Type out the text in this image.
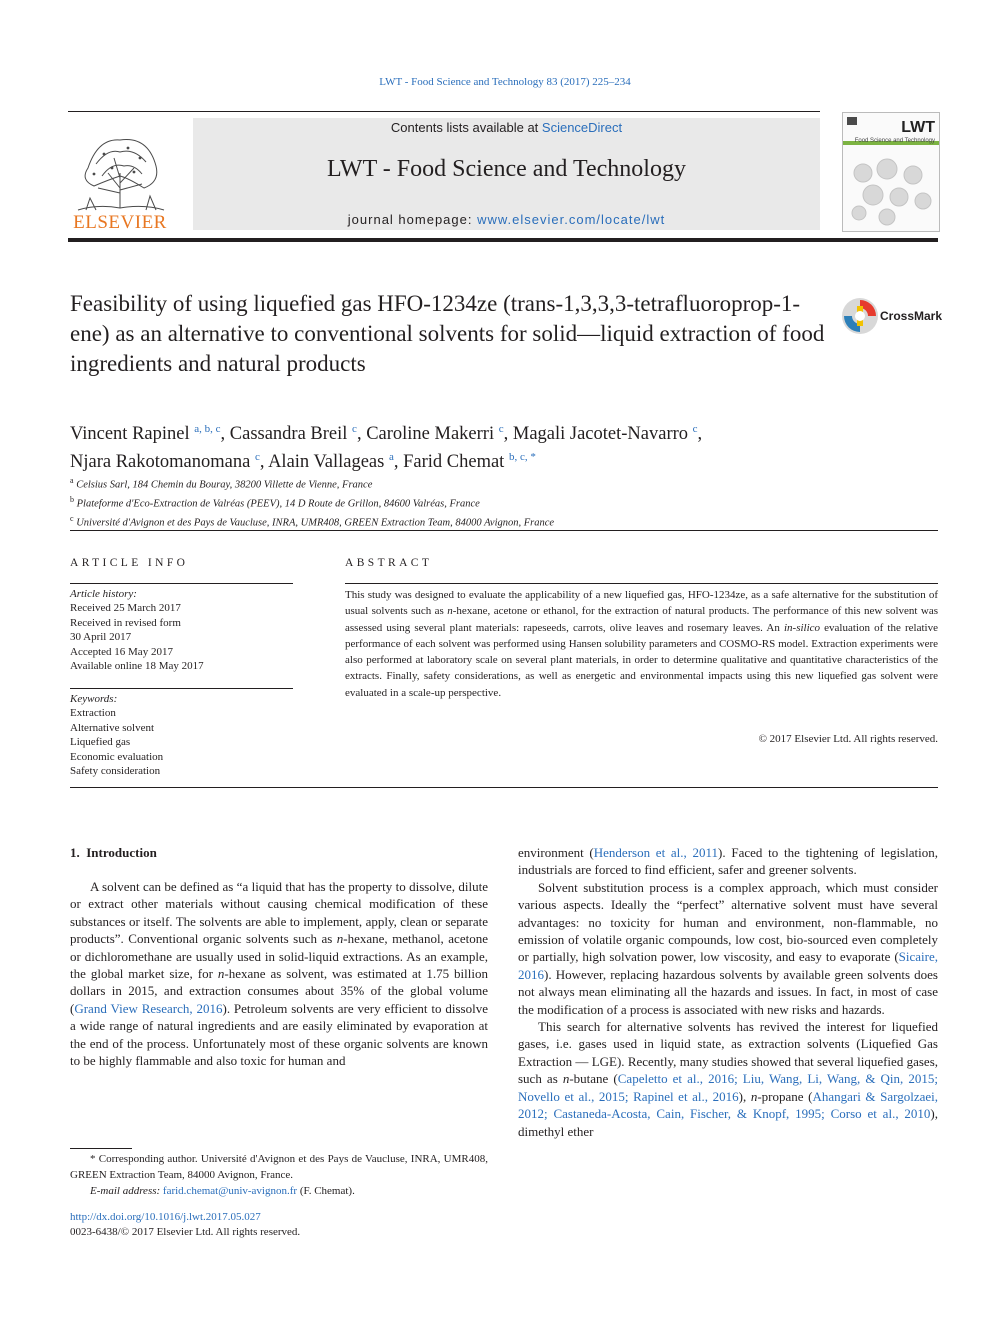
LWT - Food Science and Technology 83 (2017) 225–234
ELSEVIER
Contents lists available at ScienceDirect
LWT - Food Science and Technology
journal homepage: www.elsevier.com/locate/lwt
LWT
Food Science and Technology
Feasibility of using liquefied gas HFO-1234ze (trans-1,3,3,3-tetrafluoroprop-1-ene) as an alternative to conventional solvents for solid—liquid extraction of food ingredients and natural products
CrossMark
Vincent Rapinel $^{a, b, c}$, Cassandra Breil $^c$, Caroline Makerri $^c$, Magali Jacotet-Navarro $^c$,
Njara Rakotomanomana $^c$, Alain Vallageas $^a$, Farid Chemat $^{b, c, *}$
$^a$ Celsius Sarl, 184 Chemin du Bouray, 38200 Villette de Vienne, France
$^b$ Plateforme d'Eco-Extraction de Valréas (PEEV), 14 D Route de Grillon, 84600 Valréas, France
$^c$ Université d'Avignon et des Pays de Vaucluse, INRA, UMR408, GREEN Extraction Team, 84000 Avignon, France
ARTICLE INFO	ABSTRACT
Article history:
Received 25 March 2017
Received in revised form
30 April 2017
Accepted 16 May 2017
Available online 18 May 2017
Keywords:
Extraction
Alternative solvent
Liquefied gas
Economic evaluation
Safety consideration
This study was designed to evaluate the applicability of a new liquefied gas, HFO-1234ze, as a safe alternative for the substitution of usual solvents such as n-hexane, acetone or ethanol, for the extraction of natural products. The performance of this new solvent was assessed using several plant materials: rapeseeds, carrots, olive leaves and rosemary leaves. An in-silico evaluation of the relative performance of each solvent was performed using Hansen solubility parameters and COSMO-RS model. Extraction experiments were also performed at laboratory scale on several plant materials, in order to determine qualitative and quantitative characteristics of the extracts. Finally, safety considerations, as well as energetic and environmental impacts using this new liquefied gas solvent were evaluated in a scale-up perspective.
© 2017 Elsevier Ltd. All rights reserved.
1. Introduction

A solvent can be defined as “a liquid that has the property to dissolve, dilute or extract other materials without causing chemical modification of these substances or itself. The solvents are able to implement, apply, clean or separate products”. Conventional organic solvents such as n-hexane, methanol, acetone or dichloromethane are usually used in solid-liquid extractions. As an example, the global market size, for n-hexane as solvent, was estimated at 1.75 billion dollars in 2015, and extraction consumes about 35% of the global volume (Grand View Research, 2016). Petroleum solvents are very efficient to dissolve a wide range of natural ingredients and are easily eliminated by evaporation at the end of the process. Unfortunately most of these organic solvents are known to be highly flammable and also toxic for human and

environment (Henderson et al., 2011). Faced to the tightening of legislation, industrials are forced to find efficient, safer and greener solvents.

Solvent substitution process is a complex approach, which must consider various aspects. Ideally the “perfect” alternative solvent must have several advantages: no toxicity for human and environment, non-flammable, no emission of volatile organic compounds, low cost, bio-sourced even completely or partially, high solvation power, low viscosity, and easy to evaporate (Sicaire, 2016). However, replacing hazardous solvents by available green solvents does not always mean eliminating all the hazards and issues. In fact, in most of case the modification of a process is associated with new risks and hazards.

This search for alternative solvents has revived the interest for liquefied gases, i.e. gases used in liquid state, as extraction solvents (Liquefied Gas Extraction — LGE). Recently, many studies showed that several liquefied gases, such as n-butane (Capeletto et al., 2016; Liu, Wang, Li, Wang, & Qin, 2015; Novello et al., 2015; Rapinel et al., 2016), n-propane (Ahangari & Sargolzaei, 2012; Castaneda-Acosta, Cain, Fischer, & Knopf, 1995; Corso et al., 2010), dimethyl ether

* Corresponding author. Université d'Avignon et des Pays de Vaucluse, INRA, UMR408, GREEN Extraction Team, 84000 Avignon, France.
E-mail address: farid.chemat@univ-avignon.fr (F. Chemat).
http://dx.doi.org/10.1016/j.lwt.2017.05.027
0023-6438/© 2017 Elsevier Ltd. All rights reserved.
